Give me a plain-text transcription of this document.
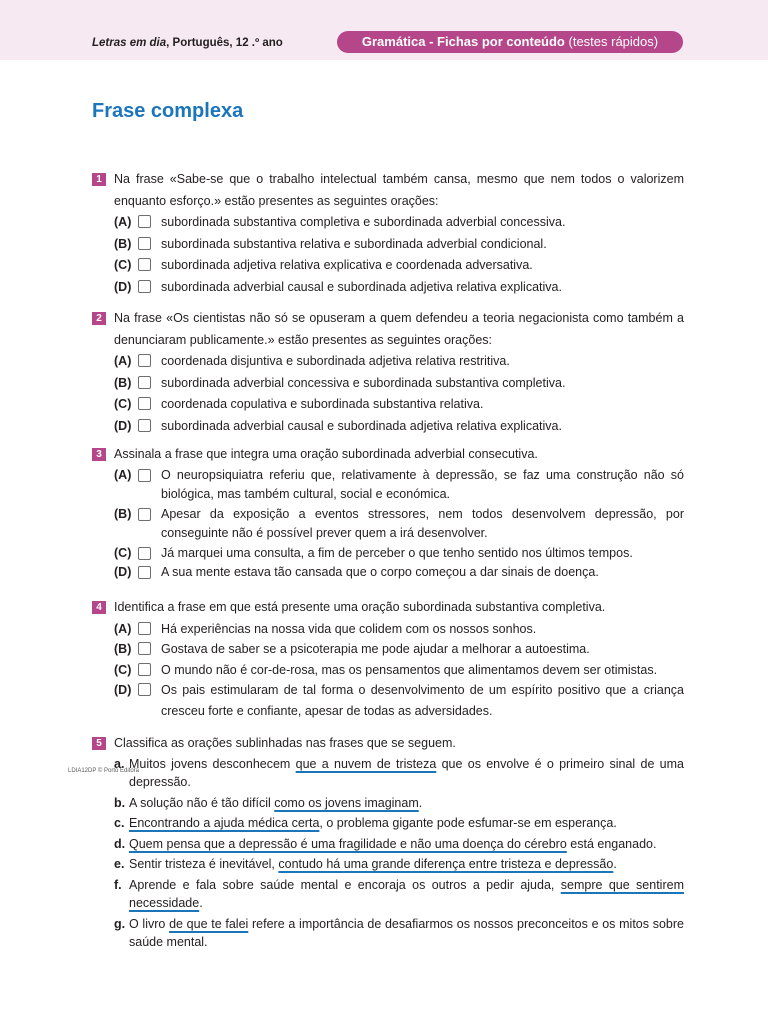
Letras em dia, Português, 12 .º ano	Gramática - Fichas por conteúdo (testes rápidos)
Frase complexa
1 Na frase «Sabe-se que o trabalho intelectual também cansa, mesmo que nem todos o valorizem enquanto esforço.» estão presentes as seguintes orações:
(A)	subordinada substantiva completiva e subordinada adverbial concessiva.
(B)	subordinada substantiva relativa e subordinada adverbial condicional.
(C)	subordinada adjetiva relativa explicativa e coordenada adversativa.
(D)	subordinada adverbial causal e subordinada adjetiva relativa explicativa.
2 Na frase «Os cientistas não só se opuseram a quem defendeu a teoria negacionista como também a denunciaram publicamente.» estão presentes as seguintes orações:
(A)	coordenada disjuntiva e subordinada adjetiva relativa restritiva.
(B)	subordinada adverbial concessiva e subordinada substantiva completiva.
(C)	coordenada copulativa e subordinada substantiva relativa.
(D)	subordinada adverbial causal e subordinada adjetiva relativa explicativa.
3 Assinala a frase que integra uma oração subordinada adverbial consecutiva.
(A)	O neuropsiquiatra referiu que, relativamente à depressão, se faz uma construção não só biológica, mas também cultural, social e económica.
(B)	Apesar da exposição a eventos stressores, nem todos desenvolvem depressão, por conseguinte não é possível prever quem a irá desenvolver.
(C)	Já marquei uma consulta, a fim de perceber o que tenho sentido nos últimos tempos.
(D)	A sua mente estava tão cansada que o corpo começou a dar sinais de doença.
4 Identifica a frase em que está presente uma oração subordinada substantiva completiva.
(A)	Há experiências na nossa vida que colidem com os nossos sonhos.
(B)	Gostava de saber se a psicoterapia me pode ajudar a melhorar a autoestima.
(C)	O mundo não é cor-de-rosa, mas os pensamentos que alimentamos devem ser otimistas.
(D)	Os pais estimularam de tal forma o desenvolvimento de um espírito positivo que a criança cresceu forte e confiante, apesar de todas as adversidades.
5 Classifica as orações sublinhadas nas frases que se seguem.
a. Muitos jovens desconhecem que a nuvem de tristeza que os envolve é o primeiro sinal de uma depressão.
b. A solução não é tão difícil como os jovens imaginam.
c. Encontrando a ajuda médica certa, o problema gigante pode esfumar-se em esperança.
d. Quem pensa que a depressão é uma fragilidade e não uma doença do cérebro está enganado.
e. Sentir tristeza é inevitável, contudo há uma grande diferença entre tristeza e depressão.
f. Aprende e fala sobre saúde mental e encoraja os outros a pedir ajuda, sempre que sentirem necessidade.
g. O livro de que te falei refere a importância de desafiarmos os nossos preconceitos e os mitos sobre saúde mental.
LDIA12DP © Porto Editora
